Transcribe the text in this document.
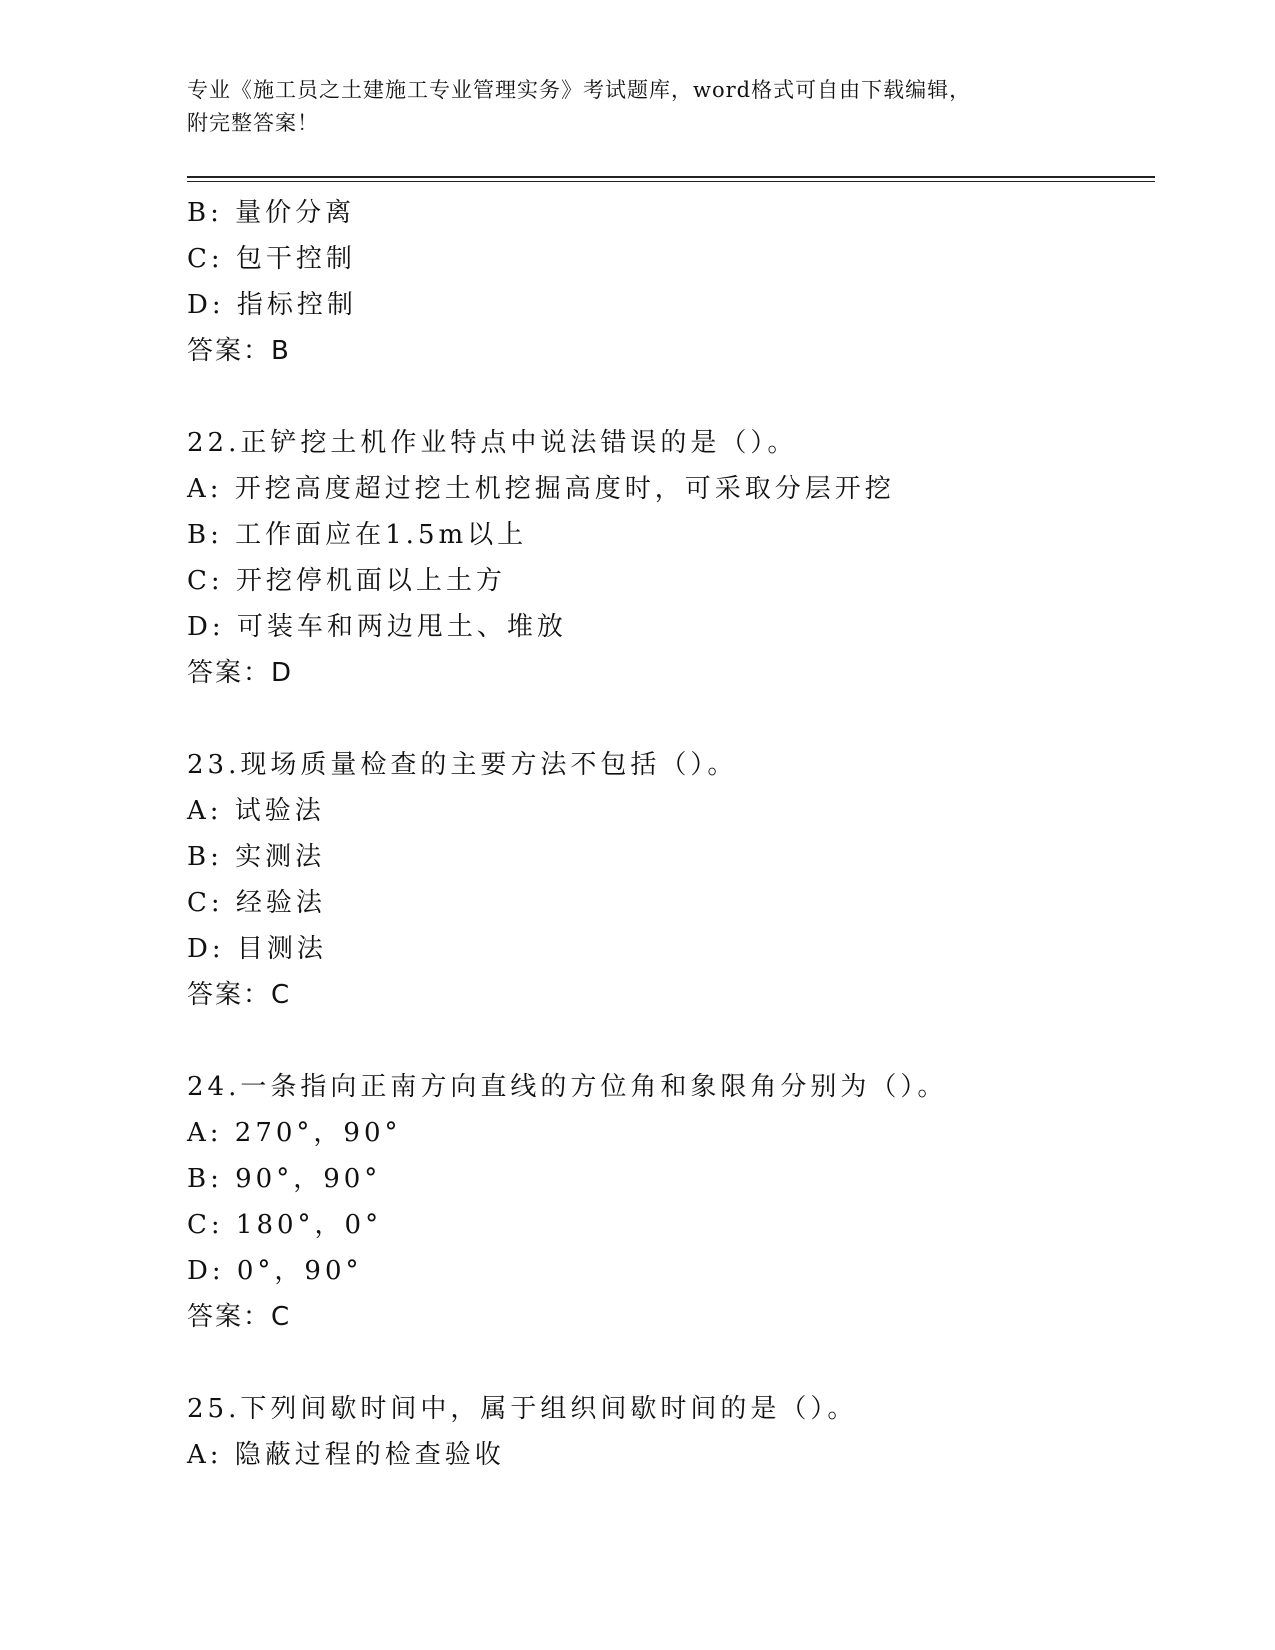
专业《施工员之土建施工专业管理实务》考试题库，word格式可自由下载编辑，
附完整答案！
B: 量价分离
C: 包干控制
D: 指标控制
答案：B
22.正铲挖土机作业特点中说法错误的是（）。
A: 开挖高度超过挖土机挖掘高度时，可采取分层开挖
B: 工作面应在1.5m以上
C: 开挖停机面以上土方
D: 可装车和两边甩土、堆放
答案：D
23.现场质量检查的主要方法不包括（）。
A: 试验法
B: 实测法
C: 经验法
D: 目测法
答案：C
24.一条指向正南方向直线的方位角和象限角分别为（）。
A: 270°，90°
B: 90°，90°
C: 180°，0°
D: 0°，90°
答案：C
25.下列间歇时间中，属于组织间歇时间的是（）。
A: 隐蔽过程的检查验收
